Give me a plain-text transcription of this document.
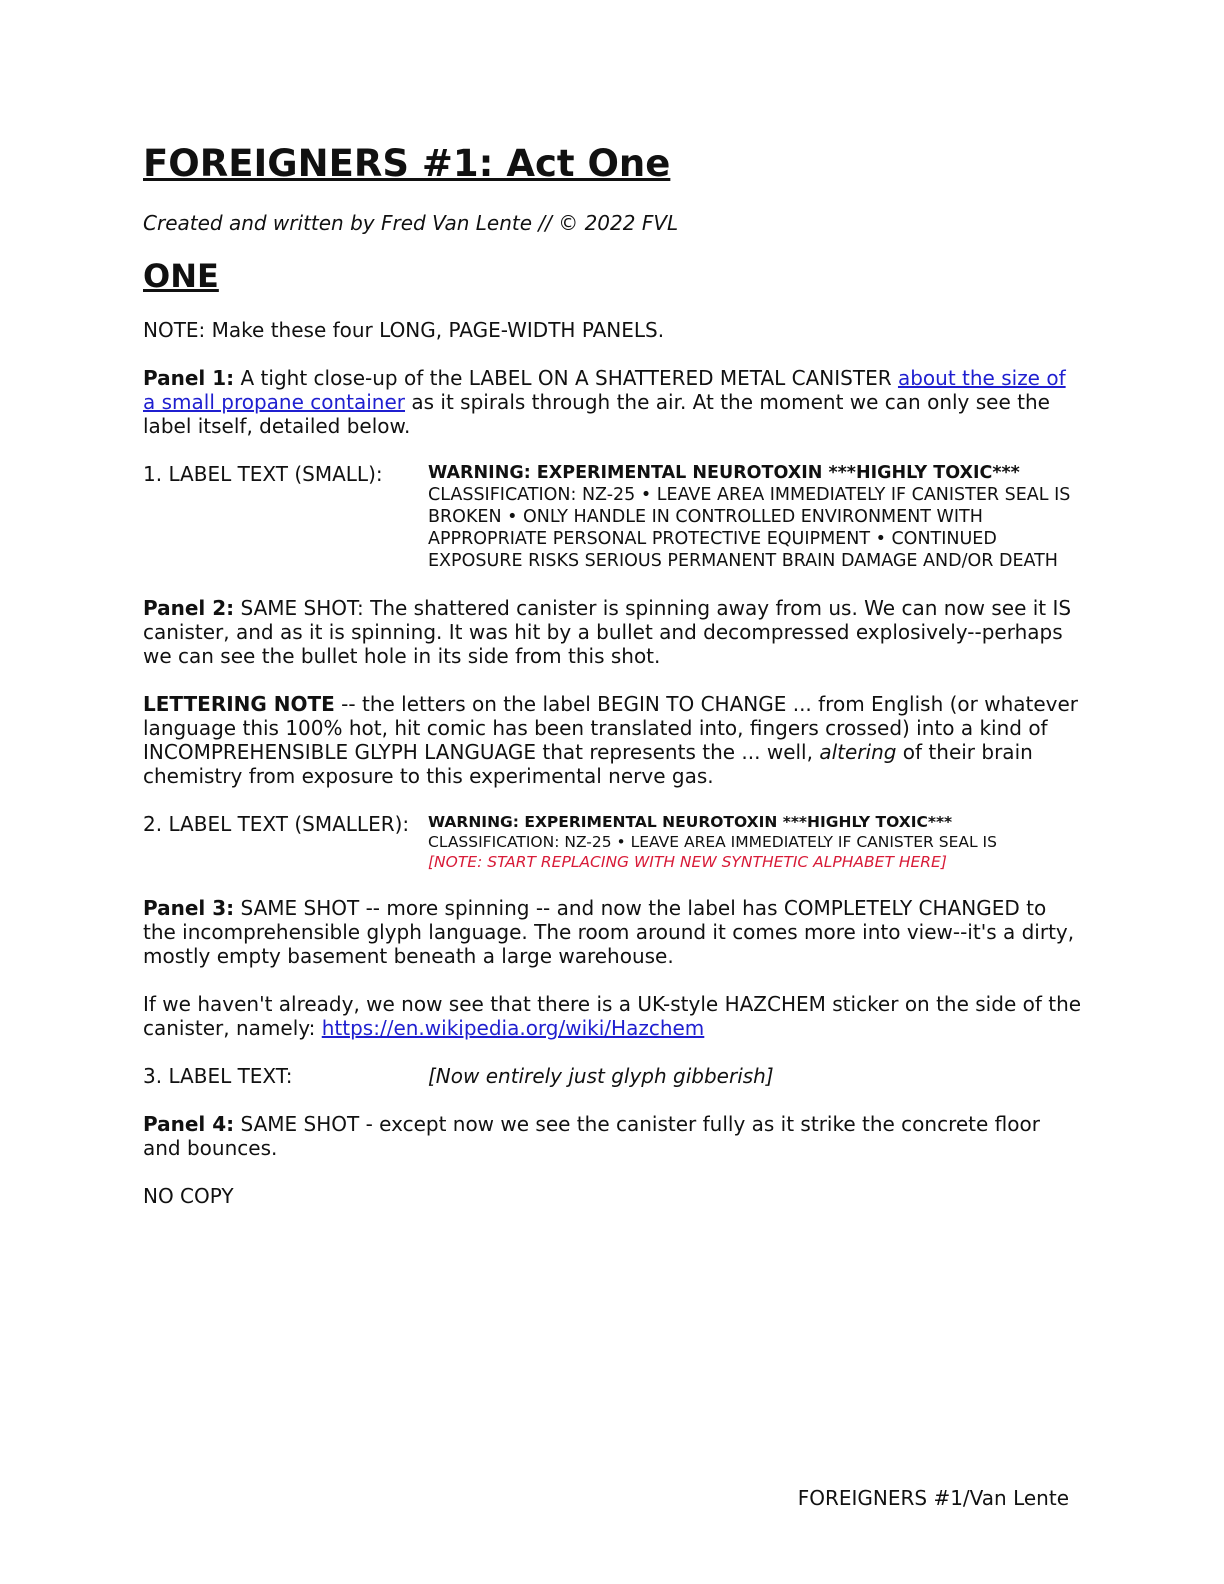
FOREIGNERS #1: Act One

Created and written by Fred Van Lente // © 2022 FVL

ONE

NOTE: Make these four LONG, PAGE-WIDTH PANELS.

Panel 1: A tight close-up of the LABEL ON A SHATTERED METAL CANISTER about the size of a small propane container as it spirals through the air. At the moment we can only see the label itself, detailed below.

1. LABEL TEXT (SMALL):	WARNING: EXPERIMENTAL NEUROTOXIN ***HIGHLY TOXIC*** CLASSIFICATION: NZ-25 • LEAVE AREA IMMEDIATELY IF CANISTER SEAL IS BROKEN • ONLY HANDLE IN CONTROLLED ENVIRONMENT WITH APPROPRIATE PERSONAL PROTECTIVE EQUIPMENT • CONTINUED EXPOSURE RISKS SERIOUS PERMANENT BRAIN DAMAGE AND/OR DEATH

Panel 2: SAME SHOT: The shattered canister is spinning away from us. We can now see it IS canister, and as it is spinning. It was hit by a bullet and decompressed explosively--perhaps we can see the bullet hole in its side from this shot.

LETTERING NOTE -- the letters on the label BEGIN TO CHANGE ... from English (or whatever language this 100% hot, hit comic has been translated into, fingers crossed) into a kind of INCOMPREHENSIBLE GLYPH LANGUAGE that represents the ... well, altering of their brain chemistry from exposure to this experimental nerve gas.

2. LABEL TEXT (SMALLER):	WARNING: EXPERIMENTAL NEUROTOXIN ***HIGHLY TOXIC***
CLASSIFICATION: NZ-25 • LEAVE AREA IMMEDIATELY IF CANISTER SEAL IS
[NOTE: START REPLACING WITH NEW SYNTHETIC ALPHABET HERE]

Panel 3: SAME SHOT -- more spinning -- and now the label has COMPLETELY CHANGED to the incomprehensible glyph language. The room around it comes more into view--it's a dirty, mostly empty basement beneath a large warehouse.

If we haven't already, we now see that there is a UK-style HAZCHEM sticker on the side of the canister, namely: https://en.wikipedia.org/wiki/Hazchem

3. LABEL TEXT:	[Now entirely just glyph gibberish]

Panel 4: SAME SHOT - except now we see the canister fully as it strike the concrete floor and bounces.

NO COPY

FOREIGNERS #1/Van Lente
